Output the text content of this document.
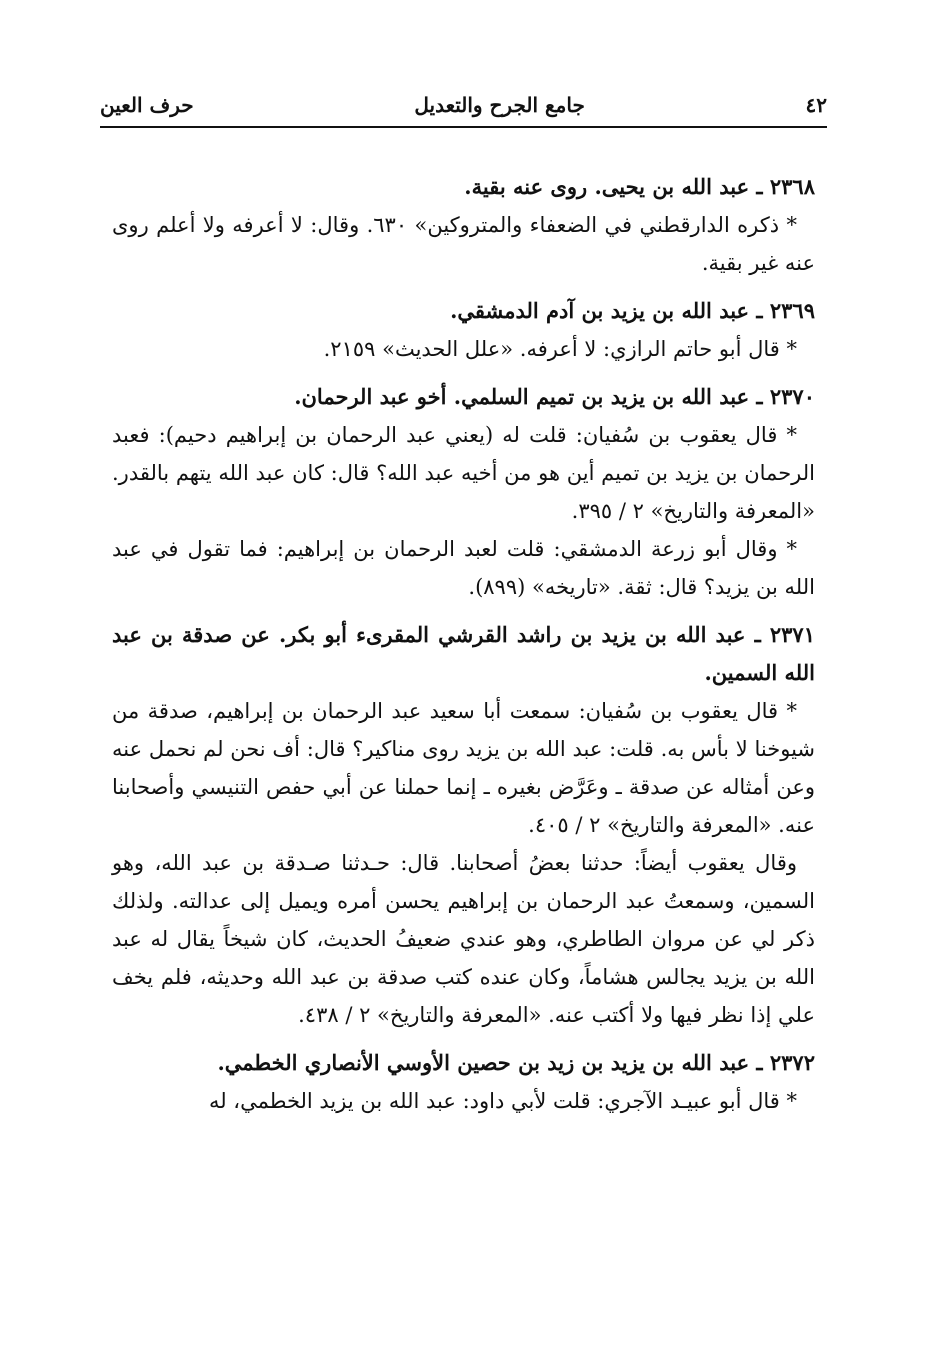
٤٢
جامع الجرح والتعديل
حرف العين

٢٣٦٨ ـ عبد الله بن يحيى. روى عنه بقية.

* ذكره الدارقطني في الضعفاء والمتروكين» ٦٣٠. وقال: لا أعرفه ولا أعلم روى عنه غير بقية.

٢٣٦٩ ـ عبد الله بن يزيد بن آدم الدمشقي.

* قال أبو حاتم الرازي: لا أعرفه. «علل الحديث» ٢١٥٩.

٢٣٧٠ ـ عبد الله بن يزيد بن تميم السلمي. أخو عبد الرحمان.

* قال يعقوب بن سُفيان: قلت له (يعني عبد الرحمان بن إبراهيم دحيم): فعبد الرحمان بن يزيد بن تميم أين هو من أخيه عبد الله؟ قال: كان عبد الله يتهم بالقدر. «المعرفة والتاريخ» ٢ / ٣٩٥.

* وقال أبو زرعة الدمشقي: قلت لعبد الرحمان بن إبراهيم: فما تقول في عبد الله بن يزيد؟ قال: ثقة. «تاريخه» (٨٩٩).

٢٣٧١ ـ عبد الله بن يزيد بن راشد القرشي المقرىء أبو بكر. عن صدقة بن عبد الله السمين.

* قال يعقوب بن سُفيان: سمعت أبا سعيد عبد الرحمان بن إبراهيم، صدقة من شيوخنا لا بأس به. قلت: عبد الله بن يزيد روى مناكير؟ قال: أف نحن لم نحمل عنه وعن أمثاله عن صدقة ـ وعَرَّض بغيره ـ إنما حملنا عن أبي حفص التنيسي وأصحابنا عنه. «المعرفة والتاريخ» ٢ / ٤٠٥.

وقال يعقوب أيضاً: حدثنا بعضُ أصحابنا. قال: حـدثنا صـدقة بن عبد الله، وهو السمين، وسمعتُ عبد الرحمان بن إبراهيم يحسن أمره ويميل إلى عدالته. ولذلك ذكر لي عن مروان الطاطري، وهو عندي ضعيفُ الحديث، كان شيخاً يقال له عبد الله بن يزيد يجالس هشاماً، وكان عنده كتب صدقة بن عبد الله وحديثه، فلم يخف علي إذا نظر فيها ولا أكتب عنه. «المعرفة والتاريخ» ٢ / ٤٣٨.

٢٣٧٢ ـ عبد الله بن يزيد بن زيد بن حصين الأوسي الأنصاري الخطمي.

* قال أبو عبيـد الآجري: قلت لأبي داود: عبد الله بن يزيد الخطمي، له
